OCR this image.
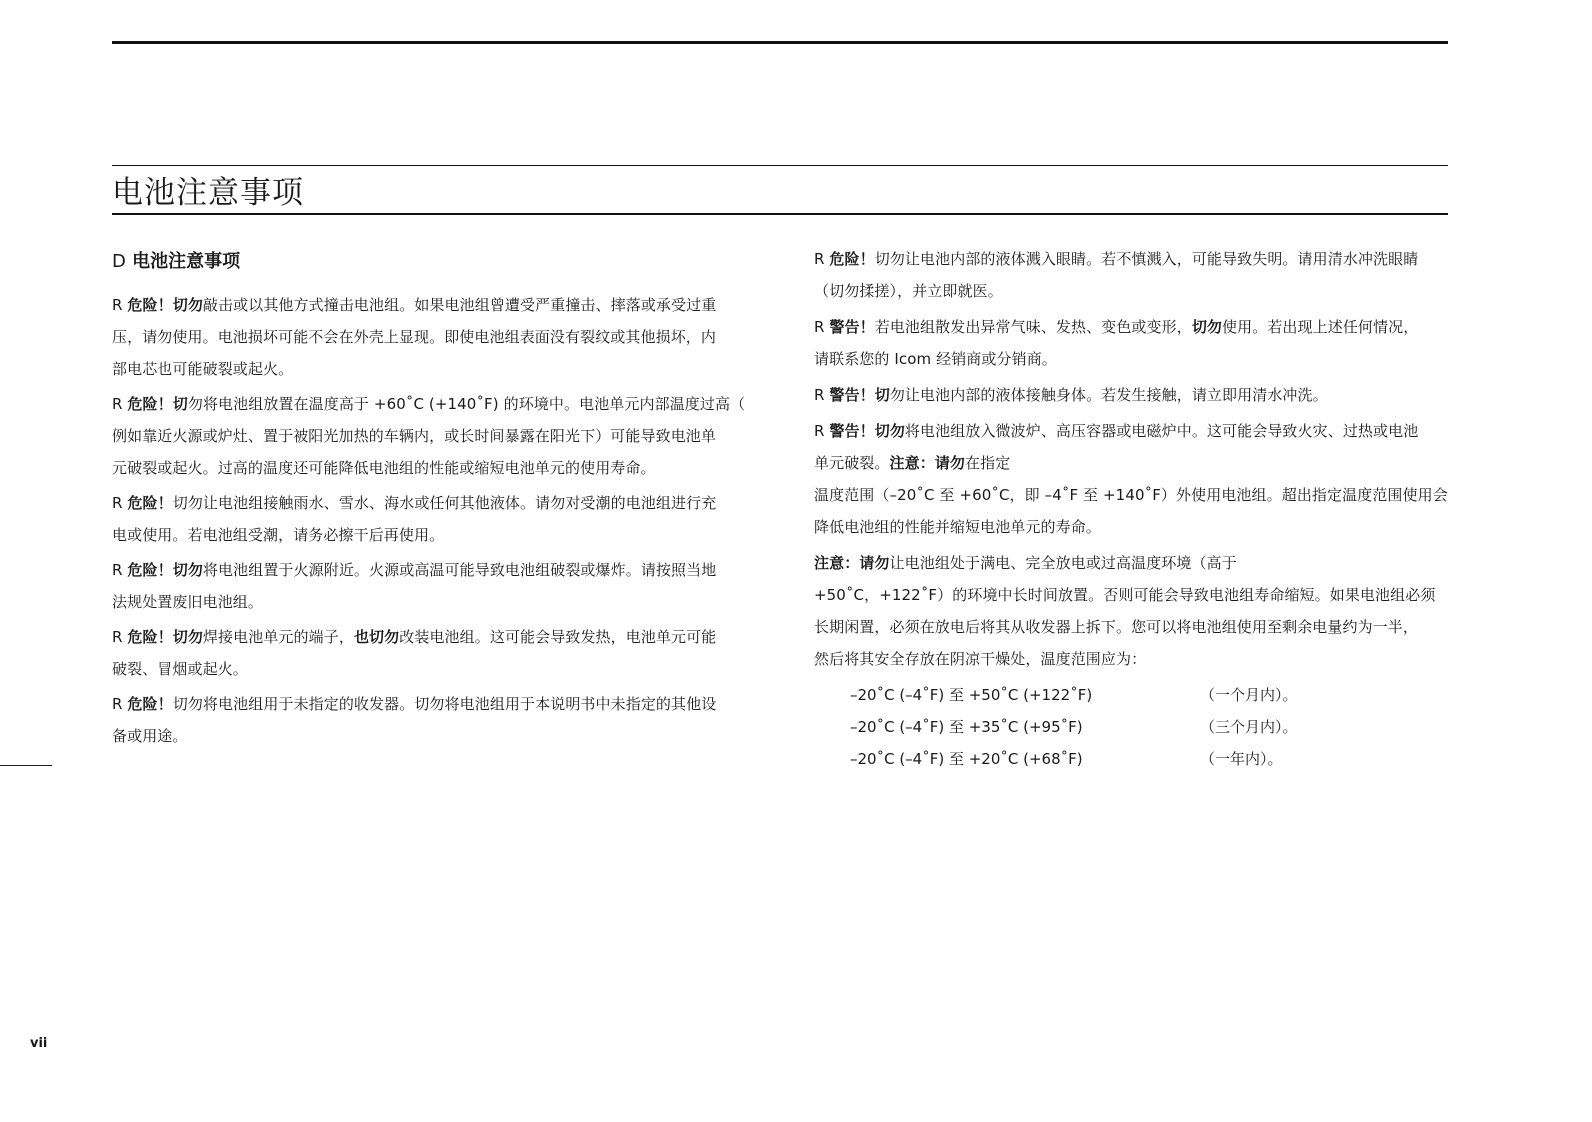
电池注意事项
D 电池注意事项

R 危险！切勿敲击或以其他方式撞击电池组。如果电池组曾遭受严重撞击、摔落或承受过重
压，请勿使用。电池损坏可能不会在外壳上显现。即使电池组表面没有裂纹或其他损坏，内
部电芯也可能破裂或起火。

R 危险！切勿将电池组放置在温度高于 +60˚C (+140˚F) 的环境中。电池单元内部温度过高（
例如靠近火源或炉灶、置于被阳光加热的车辆内，或长时间暴露在阳光下）可能导致电池单
元破裂或起火。过高的温度还可能降低电池组的性能或缩短电池单元的使用寿命。

R 危险！切勿让电池组接触雨水、雪水、海水或任何其他液体。请勿对受潮的电池组进行充
电或使用。若电池组受潮，请务必擦干后再使用。

R 危险！切勿将电池组置于火源附近。火源或高温可能导致电池组破裂或爆炸。请按照当地
法规处置废旧电池组。

R 危险！切勿焊接电池单元的端子，也切勿改装电池组。这可能会导致发热，电池单元可能
破裂、冒烟或起火。

R 危险！切勿将电池组用于未指定的收发器。切勿将电池组用于本说明书中未指定的其他设
备或用途。

R 危险！切勿让电池内部的液体溅入眼睛。若不慎溅入，可能导致失明。请用清水冲洗眼睛
（切勿揉搓），并立即就医。

R 警告！若电池组散发出异常气味、发热、变色或变形，切勿使用。若出现上述任何情况，
请联系您的 Icom 经销商或分销商。

R 警告！切勿让电池内部的液体接触身体。若发生接触，请立即用清水冲洗。

R 警告！切勿将电池组放入微波炉、高压容器或电磁炉中。这可能会导致火灾、过热或电池
单元破裂。注意：请勿在指定

温度范围（–20˚C 至 +60˚C，即 –4˚F 至 +140˚F）外使用电池组。超出指定温度范围使用会
降低电池组的性能并缩短电池单元的寿命。

注意：请勿让电池组处于满电、完全放电或过高温度环境（高于

+50˚C，+122˚F）的环境中长时间放置。否则可能会导致电池组寿命缩短。如果电池组必须
长期闲置，必须在放电后将其从收发器上拆下。您可以将电池组使用至剩余电量约为一半，
然后将其安全存放在阴凉干燥处，温度范围应为：

–20˚C (–4˚F) 至 +50˚C (+122˚F)	（一个月内）。
–20˚C (–4˚F) 至 +35˚C (+95˚F)	（三个月内）。
–20˚C (–4˚F) 至 +20˚C (+68˚F)	（一年内）。
vii
